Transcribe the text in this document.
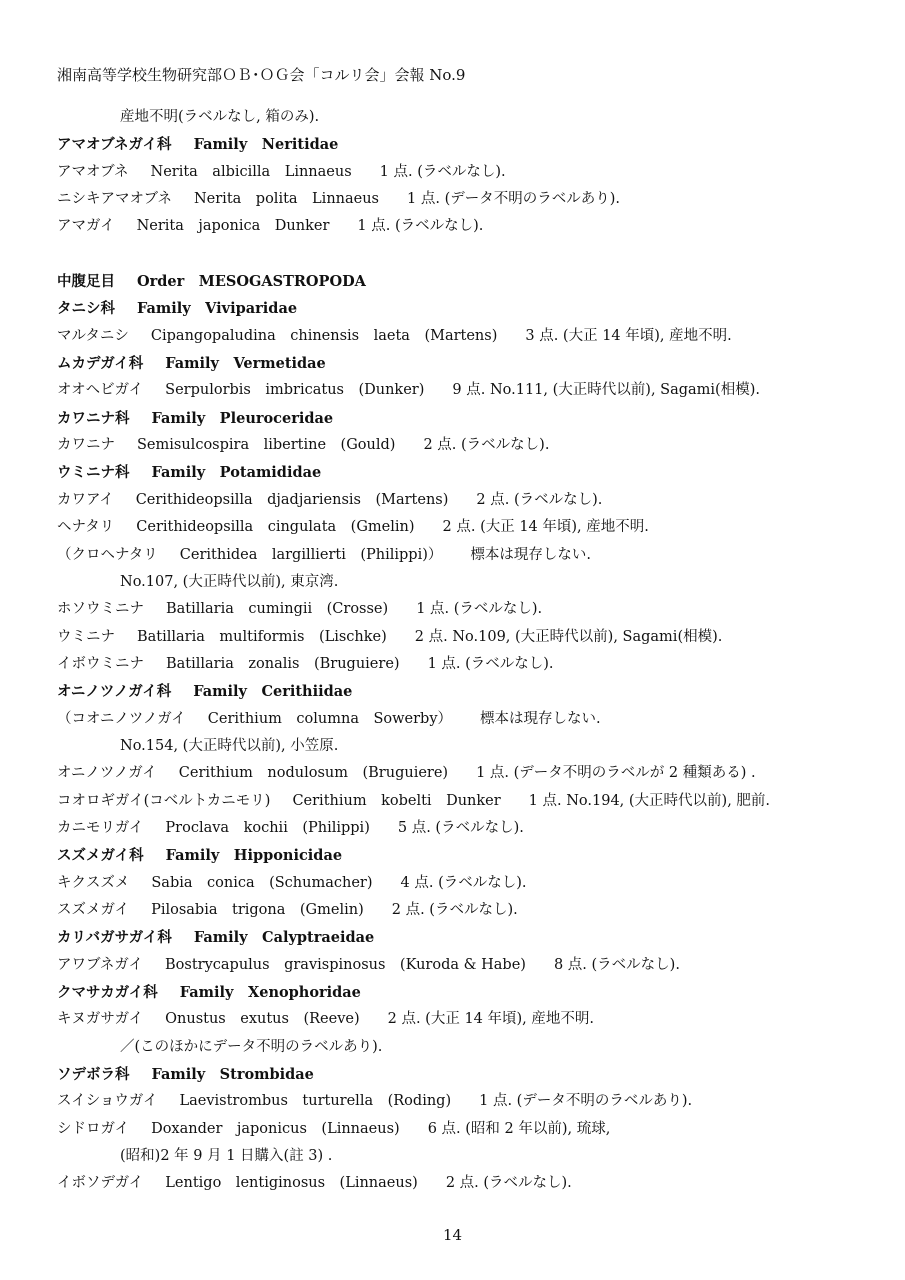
湘南高等学校生物研究部ＯＢ･ＯＧ会「コルリ会」会報 No.9
産地不明(ラベルなし, 箱のみ).
アマオブネガイ科 Family　Neritidae
アマオブネ Nerita　albicilla　Linnaeus 1 点. (ラベルなし).
ニシキアマオブネ Nerita　polita　Linnaeus 1 点. (データ不明のラベルあり).
アマガイ Nerita　japonica　Dunker 1 点. (ラベルなし).
中腹足目 Order　MESOGASTROPODA
タニシ科 Family　Viviparidae
マルタニシ Cipangopaludina　chinensis　laeta　(Martens) 3 点. (大正 14 年頃), 産地不明.
ムカデガイ科 Family　Vermetidae
オオヘビガイ Serpulorbis　imbricatus　(Dunker) 9 点. No.111, (大正時代以前), Sagami(相模).
カワニナ科 Family　Pleuroceridae
カワニナ Semisulcospira　libertine　(Gould) 2 点. (ラベルなし).
ウミニナ科 Family　Potamididae
カワアイ Cerithideopsilla　djadjariensis　(Martens) 2 点. (ラベルなし).
ヘナタリ Cerithideopsilla　cingulata　(Gmelin) 2 点. (大正 14 年頃), 産地不明.
（クロヘナタリ Cerithidea　largillierti　(Philippi)） 標本は現存しない.
No.107, (大正時代以前), 東京湾.
ホソウミニナ Batillaria　cumingii　(Crosse) 1 点. (ラベルなし).
ウミニナ Batillaria　multiformis　(Lischke) 2 点. No.109, (大正時代以前), Sagami(相模).
イボウミニナ Batillaria　zonalis　(Bruguiere) 1 点. (ラベルなし).
オニノツノガイ科 Family　Cerithiidae
（コオニノツノガイ Cerithium　columna　Sowerby） 標本は現存しない.
No.154, (大正時代以前), 小笠原.
オニノツノガイ Cerithium　nodulosum　(Bruguiere) 1 点. (データ不明のラベルが 2 種類ある) .
コオロギガイ(コベルトカニモリ) Cerithium　kobelti　Dunker 1 点. No.194, (大正時代以前), 肥前.
カニモリガイ Proclava　kochii　(Philippi) 5 点. (ラベルなし).
スズメガイ科 Family　Hipponicidae
キクスズメ Sabia　conica　(Schumacher) 4 点. (ラベルなし).
スズメガイ Pilosabia　trigona　(Gmelin) 2 点. (ラベルなし).
カリバガサガイ科 Family　Calyptraeidae
アワブネガイ Bostrycapulus　gravispinosus　(Kuroda & Habe) 8 点. (ラベルなし).
クマサカガイ科 Family　Xenophoridae
キヌガサガイ Onustus　exutus　(Reeve) 2 点. (大正 14 年頃), 産地不明.
／(このほかにデータ不明のラベルあり).
ソデボラ科 Family　Strombidae
スイショウガイ Laevistrombus　turturella　(Roding) 1 点. (データ不明のラベルあり).
シドロガイ Doxander　japonicus　(Linnaeus) 6 点. (昭和 2 年以前), 琉球,
(昭和)2 年 9 月 1 日購入(註 3) .
イボソデガイ Lentigo　lentiginosus　(Linnaeus) 2 点. (ラベルなし).
14
